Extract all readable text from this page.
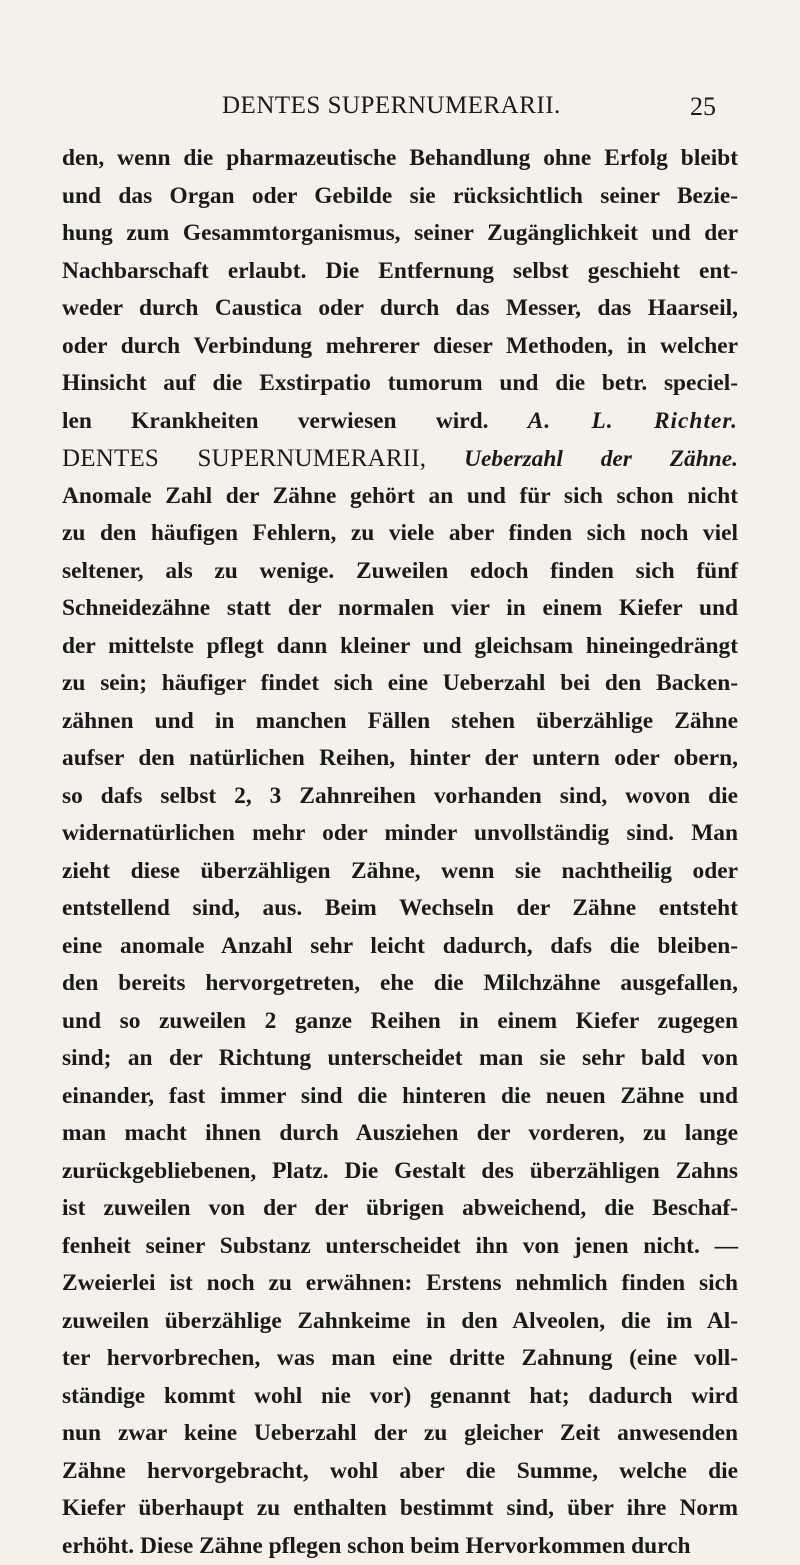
DENTES SUPERNUMERARII.	25
den, wenn die pharmazeutische Behandlung ohne Erfolg bleibt
und das Organ oder Gebilde sie rücksichtlich seiner Bezie-
hung zum Gesammtorganismus, seiner Zugänglichkeit und der
Nachbarschaft erlaubt. Die Entfernung selbst geschieht ent-
weder durch Caustica oder durch das Messer, das Haarseil,
oder durch Verbindung mehrerer dieser Methoden, in welcher
Hinsicht auf die Exstirpatio tumorum und die betr. speciel-
len Krankheiten verwiesen wird. A. L. Richter.
DENTES SUPERNUMERARII, Ueberzahl der Zähne.
Anomale Zahl der Zähne gehört an und für sich schon nicht
zu den häufigen Fehlern, zu viele aber finden sich noch viel
seltener, als zu wenige. Zuweilen edoch finden sich fünf
Schneidezähne statt der normalen vier in einem Kiefer und
der mittelste pflegt dann kleiner und gleichsam hineingedrängt
zu sein; häufiger findet sich eine Ueberzahl bei den Backen-
zähnen und in manchen Fällen stehen überzählige Zähne
aufser den natürlichen Reihen, hinter der untern oder obern,
so dafs selbst 2, 3 Zahnreihen vorhanden sind, wovon die
widernatürlichen mehr oder minder unvollständig sind. Man
zieht diese überzähligen Zähne, wenn sie nachtheilig oder
entstellend sind, aus. Beim Wechseln der Zähne entsteht
eine anomale Anzahl sehr leicht dadurch, dafs die bleiben-
den bereits hervorgetreten, ehe die Milchzähne ausgefallen,
und so zuweilen 2 ganze Reihen in einem Kiefer zugegen
sind; an der Richtung unterscheidet man sie sehr bald von
einander, fast immer sind die hinteren die neuen Zähne und
man macht ihnen durch Ausziehen der vorderen, zu lange
zurückgebliebenen, Platz. Die Gestalt des überzähligen Zahns
ist zuweilen von der der übrigen abweichend, die Beschaf-
fenheit seiner Substanz unterscheidet ihn von jenen nicht. —
Zweierlei ist noch zu erwähnen: Erstens nehmlich finden sich
zuweilen überzählige Zahnkeime in den Alveolen, die im Al-
ter hervorbrechen, was man eine dritte Zahnung (eine voll-
ständige kommt wohl nie vor) genannt hat; dadurch wird
nun zwar keine Ueberzahl der zu gleicher Zeit anwesenden
Zähne hervorgebracht, wohl aber die Summe, welche die
Kiefer überhaupt zu enthalten bestimmt sind, über ihre Norm
erhöht. Diese Zähne pflegen schon beim Hervorkommen durch
